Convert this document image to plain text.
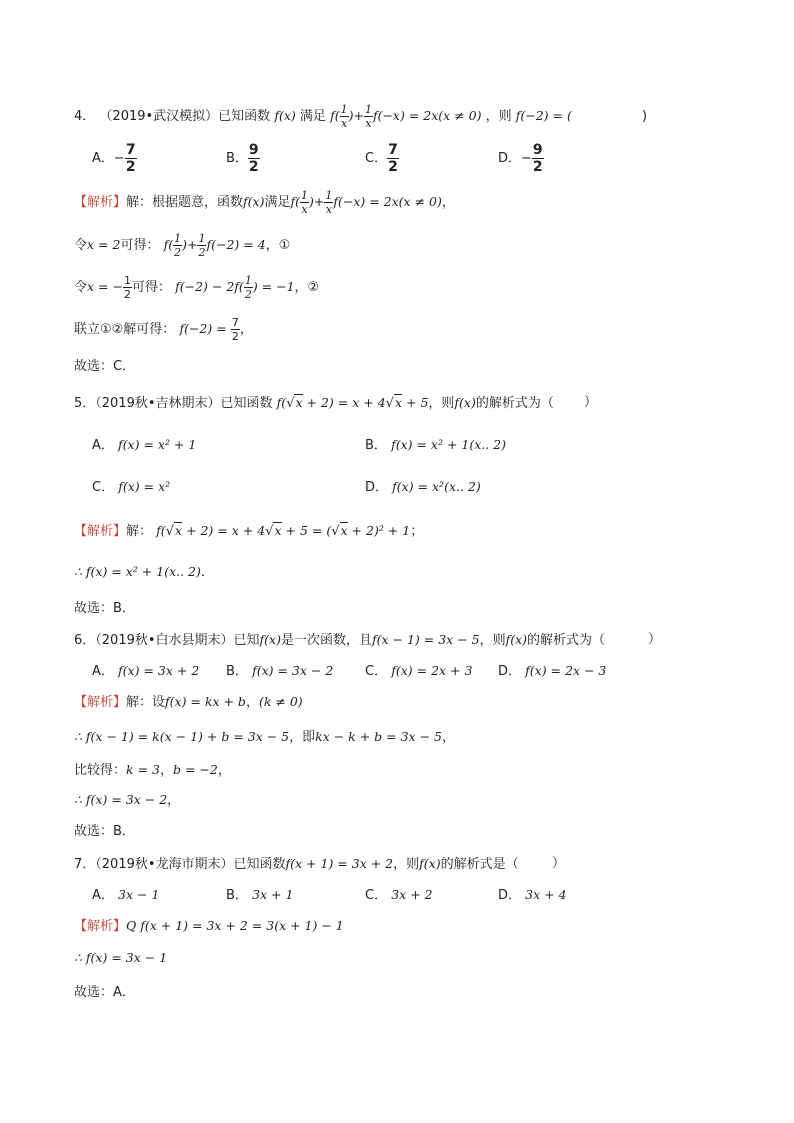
4． （2019•武汉模拟）已知函数 f(x) 满足 $f( \frac{1}{x}$ )+ $\frac{1}{x} f(-x) = 2x(x \ne 0)$ ，则 f(−2) = (	)
A．− $\frac{7}{2}$	B． $\frac{9}{2}$	C． $\frac{7}{2}$	D．− $\frac{9}{2}$
【解析】解：根据题意，函数f(x)满足$f( \frac{1}{x}$ )+ $\frac{1}{x} f(-x) = 2x(x \ne 0)$，
令x = 2可得： $f( \frac{1}{2}$ )+ $\frac{1}{2} f(-2) = 4$，①
令x = − $\frac{1}{2}$ 可得： $f(-2) - 2f( \frac{1}{2}$ ) = −1，②
联立①②解可得： $f(-2) = \frac{7}{2}$ ，
故选：C．
5．（2019秋•吉林期末）已知函数 f(√x + 2) = x + 4√x + 5，则f(x)的解析式为（ ）
A． f(x) = x² + 1	B． f(x) = x² + 1(x.. 2)
C． f(x) = x²	D． f(x) = x²(x.. 2)
【解析】解： f(√x + 2) = x + 4√x + 5 = (√x + 2)² + 1；
∴ f(x) = x² + 1(x.. 2)．
故选：B．
6．（2019秋•白水县期末）已知f(x)是一次函数，且f(x − 1) = 3x − 5，则f(x)的解析式为（	）
A． f(x) = 3x + 2 B． f(x) = 3x − 2 C． f(x) = 2x + 3 D． f(x) = 2x − 3
【解析】解：设f(x) = kx + b，(k ≠ 0)
∴ f(x − 1) = k(x − 1) + b = 3x − 5，即kx − k + b = 3x − 5，
比较得：k = 3，b = −2，
∴ f(x) = 3x − 2，
故选：B．
7．（2019秋•龙海市期末）已知函数f(x + 1) = 3x + 2，则f(x)的解析式是（	）
A． 3x − 1	B． 3x + 1	C． 3x + 2	D． 3x + 4
【解析】Q f(x + 1) = 3x + 2 = 3(x + 1) − 1
∴ f(x) = 3x − 1
故选：A．
